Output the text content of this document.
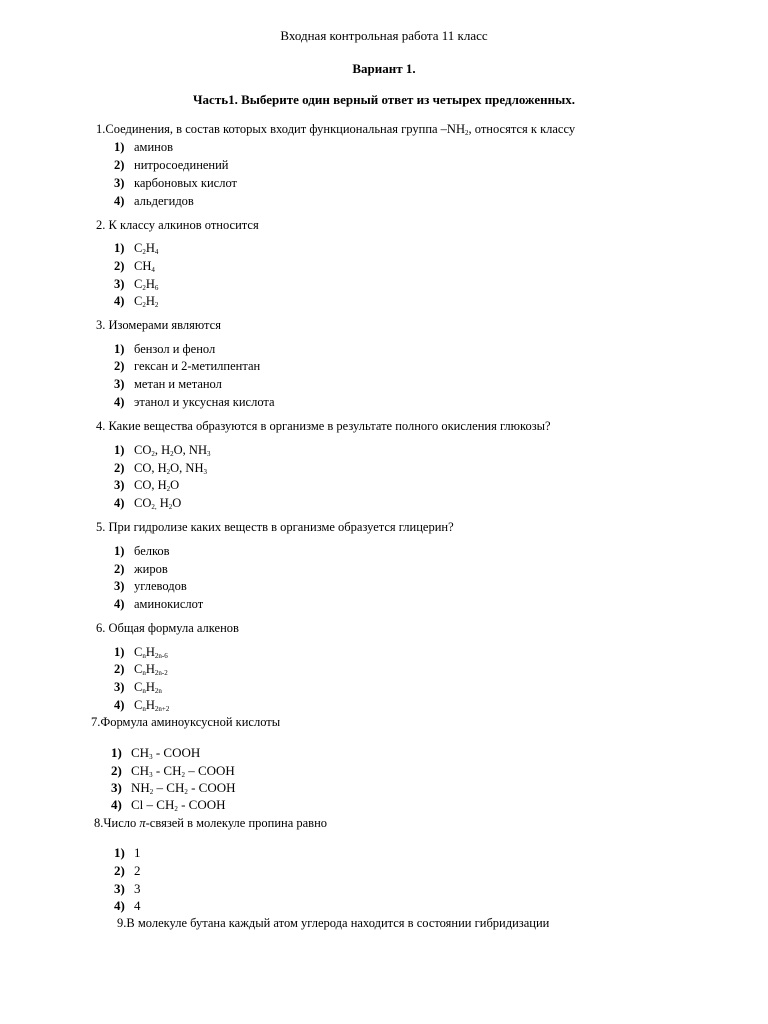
Входная контрольная работа 11 класс
Вариант 1.
Часть1. Выберите один верный ответ из четырех предложенных.
1.Соединения, в состав которых входит функциональная группа $-NH_2$, относятся к классу
1) аминов
2) нитросоединений
3) карбоновых кислот
4) альдегидов
2. К классу алкинов относится
1) $C_2H_4$
2) $CH_4$
3) $C_2H_6$
4) $C_2H_2$
3. Изомерами являются
1) бензол и фенол
2) гексан и 2-метилпентан
3) метан и метанол
4) этанол и уксусная кислота
4. Какие вещества образуются в организме в результате полного окисления глюкозы?
1) $CO_2$, $H_2O$, $NH_3$
2) CO, $H_2O$, $NH_3$
3) CO, $H_2O$
4) $CO_{2,}$ $H_2O$
5. При гидролизе каких веществ в организме образуется глицерин?
1) белков
2) жиров
3) углеводов
4) аминокислот
6. Общая формула алкенов
1) $C_nH_{2n-6}$
2) $C_nH_{2n-2}$
3) $C_nH_{2n}$
4) $C_nH_{2n+2}$
7.Формула аминоуксусной кислоты
1) $CH_3$ - COOH
2) $CH_3 - CH_2$ – COOH
3) $NH_2 - CH_2$ - COOH
4) Cl – $CH_2$ - COOH
8.Число π-связей в молекуле пропина равно
1) 1
2) 2
3) 3
4) 4
9.В молекуле бутана каждый атом углерода находится в состоянии гибридизации
